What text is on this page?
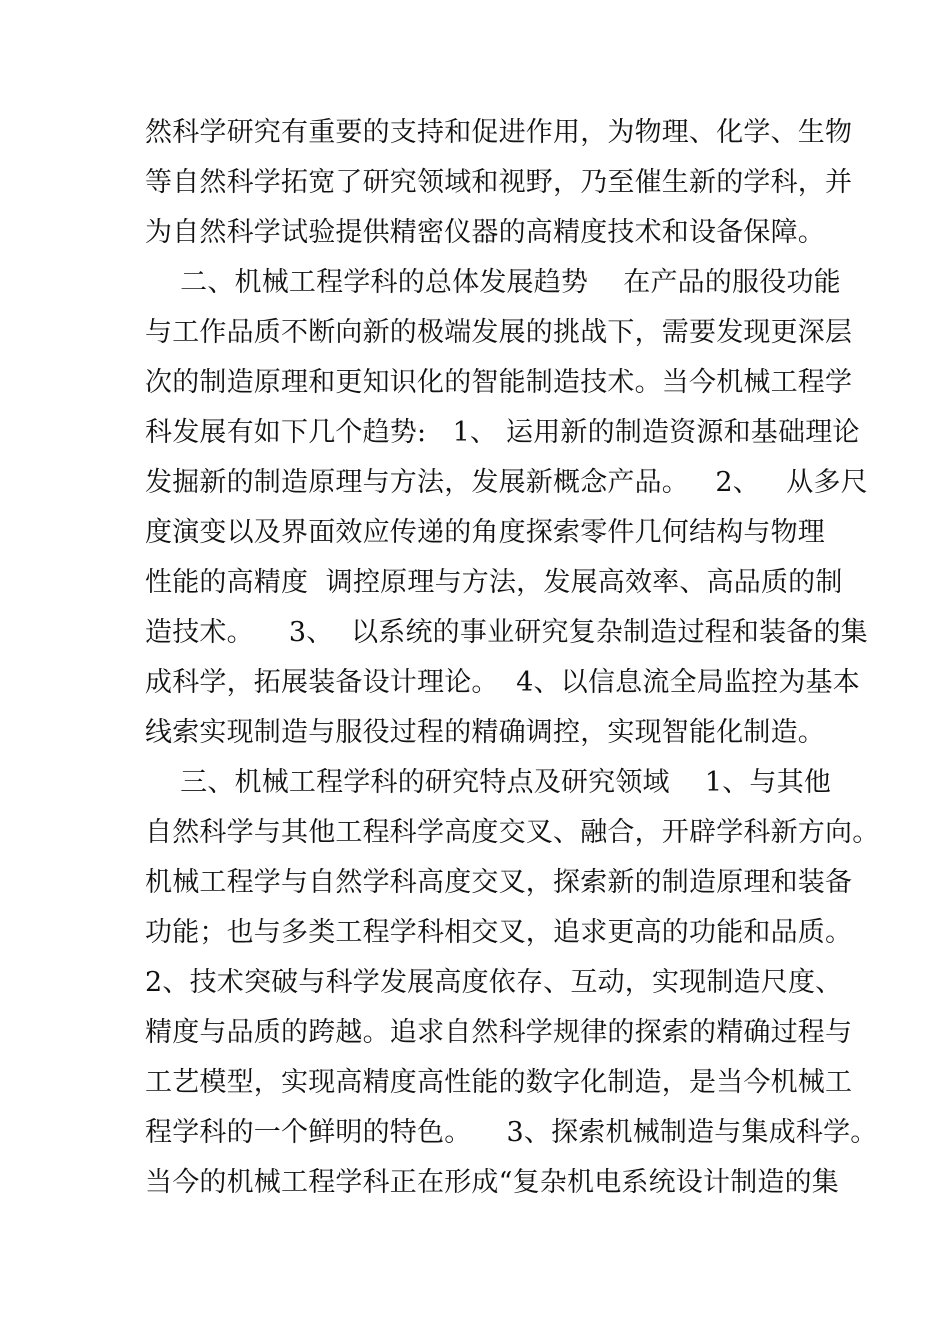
然科学研究有重要的支持和促进作用，为物理、化学、生物
等自然科学拓宽了研究领域和视野，乃至催生新的学科，并
为自然科学试验提供精密仪器的高精度技术和设备保障。
二、机械工程学科的总体发展趋势    在产品的服役功能
与工作品质不断向新的极端发展的挑战下，需要发现更深层
次的制造原理和更知识化的智能制造技术。当今机械工程学
科发展有如下几个趋势:   1、 运用新的制造资源和基础理论
发掘新的制造原理与方法，发展新概念产品。   2、   从多尺
度演变以及界面效应传递的角度探索零件几何结构与物理
性能的高精度  调控原理与方法，发展高效率、高品质的制
造技术。    3、  以系统的事业研究复杂制造过程和装备的集
成科学，拓展装备设计理论。  4、以信息流全局监控为基本
线索实现制造与服役过程的精确调控，实现智能化制造。
三、机械工程学科的研究特点及研究领域    1、与其他
自然科学与其他工程科学高度交叉、融合，开辟学科新方向。
机械工程学与自然学科高度交叉，探索新的制造原理和装备
功能；也与多类工程学科相交叉，追求更高的功能和品质。
2、技术突破与科学发展高度依存、互动，实现制造尺度、
精度与品质的跨越。追求自然科学规律的探索的精确过程与
工艺模型，实现高精度高性能的数字化制造，是当今机械工
程学科的一个鲜明的特色。    3、探索机械制造与集成科学。
当今的机械工程学科正在形成“复杂机电系统设计制造的集
